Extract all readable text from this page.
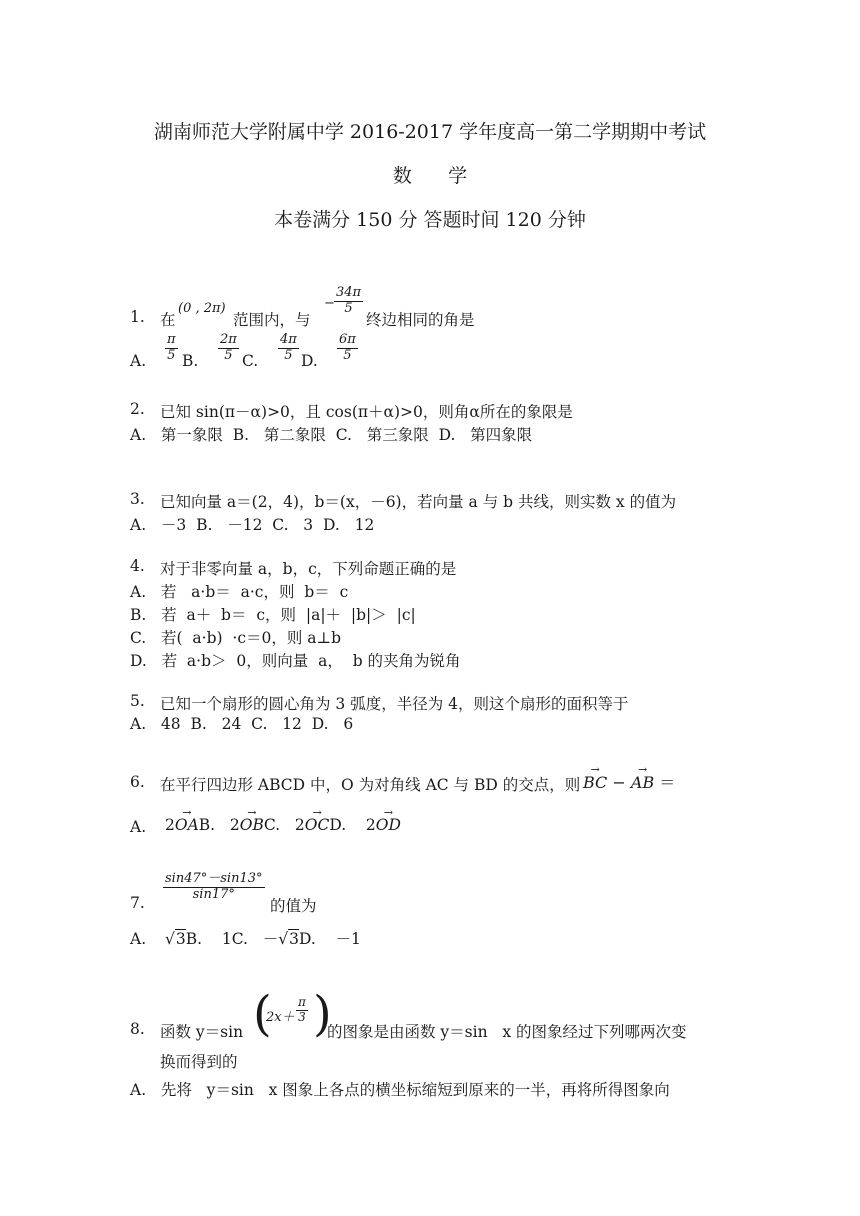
湖南师范大学附属中学 2016-2017 学年度高一第二学期期中考试
数      学
本卷满分 150 分 答题时间 120 分钟
1. 在
(0 , 2π)
范围内，与
−
34π
5
终边相同的角是
A.
π
5 B.
2π
5 C.
4π
5 D.
6π
5
2. 已知 sin(π－α)>0，且 cos(π＋α)>0，则角α所在的象限是
A.   第一象限  B.   第二象限  C.   第三象限  D.   第四象限
3. 已知向量 a＝(2，4)，b＝(x，－6)，若向量 a 与 b 共线，则实数 x 的值为
A.   －3  B.   －12  C.   3  D.   12
4. 对于非零向量 a，b，c，下列命题正确的是
A.   若   a·b＝  a·c，则  b＝  c
B.   若  a＋  b＝  c，则  |a|＋  |b|＞  |c|
C.   若(  a·b)  ·c＝0，则 a⊥b
D.   若  a·b＞  0，则向量  a，  b 的夹角为锐角
5. 已知一个扇形的圆心角为 3 弧度，半径为 4，则这个扇形的面积等于
A.   48  B.   24  C.   12  D.   6
6. 在平行四边形 ABCD 中，O 为对角线 AC 与 BD 的交点，则 → BC − → AB ＝
A. 2→ OAB. 2→ OBC. 2→ OCD. 2→ OD
sin47°－sin13°
sin17°
7.	的值为
A. √3B. 1C. －√3D. －1
8. 函数 y＝sin (
2x＋
π
3 )
的图象是由函数 y＝sin   x 的图象经过下列哪两次变
换而得到的
A.   先将   y＝sin   x 图象上各点的横坐标缩短到原来的一半，再将所得图象向
